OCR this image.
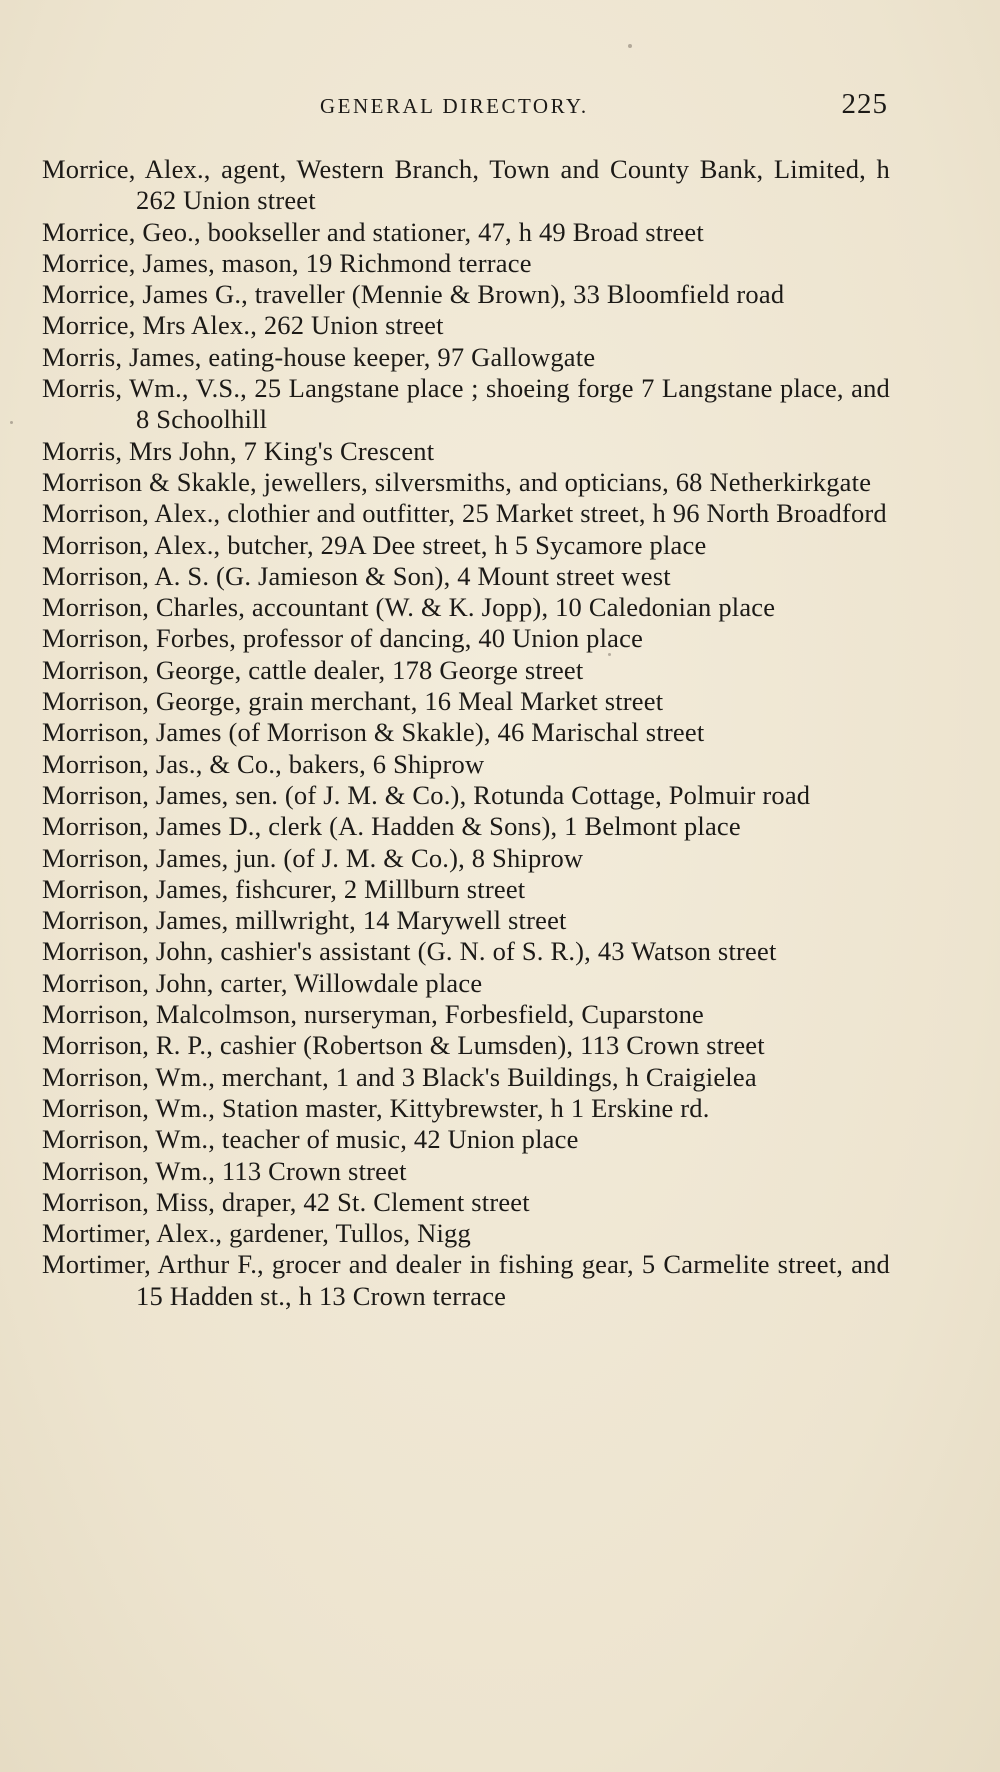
GENERAL DIRECTORY.	225
Morrice, Alex., agent, Western Branch, Town and County Bank, Limited, h 262 Union street
Morrice, Geo., bookseller and stationer, 47, h 49 Broad street
Morrice, James, mason, 19 Richmond terrace
Morrice, James G., traveller (Mennie & Brown), 33 Bloomfield road
Morrice, Mrs Alex., 262 Union street
Morris, James, eating-house keeper, 97 Gallowgate
Morris, Wm., V.S., 25 Langstane place ; shoeing forge 7 Langstane place, and 8 Schoolhill
Morris, Mrs John, 7 King's Crescent
Morrison & Skakle, jewellers, silversmiths, and opticians, 68 Netherkirkgate
Morrison, Alex., clothier and outfitter, 25 Market street, h 96 North Broadford
Morrison, Alex., butcher, 29A Dee street, h 5 Sycamore place
Morrison, A. S. (G. Jamieson & Son), 4 Mount street west
Morrison, Charles, accountant (W. & K. Jopp), 10 Caledonian place
Morrison, Forbes, professor of dancing, 40 Union place
Morrison, George, cattle dealer, 178 George street
Morrison, George, grain merchant, 16 Meal Market street
Morrison, James (of Morrison & Skakle), 46 Marischal street
Morrison, Jas., & Co., bakers, 6 Shiprow
Morrison, James, sen. (of J. M. & Co.), Rotunda Cottage, Polmuir road
Morrison, James D., clerk (A. Hadden & Sons), 1 Belmont place
Morrison, James, jun. (of J. M. & Co.), 8 Shiprow
Morrison, James, fishcurer, 2 Millburn street
Morrison, James, millwright, 14 Marywell street
Morrison, John, cashier's assistant (G. N. of S. R.), 43 Watson street
Morrison, John, carter, Willowdale place
Morrison, Malcolmson, nurseryman, Forbesfield, Cuparstone
Morrison, R. P., cashier (Robertson & Lumsden), 113 Crown street
Morrison, Wm., merchant, 1 and 3 Black's Buildings, h Craigielea
Morrison, Wm., Station master, Kittybrewster, h 1 Erskine rd.
Morrison, Wm., teacher of music, 42 Union place
Morrison, Wm., 113 Crown street
Morrison, Miss, draper, 42 St. Clement street
Mortimer, Alex., gardener, Tullos, Nigg
Mortimer, Arthur F., grocer and dealer in fishing gear, 5 Carmelite street, and 15 Hadden st., h 13 Crown terrace
